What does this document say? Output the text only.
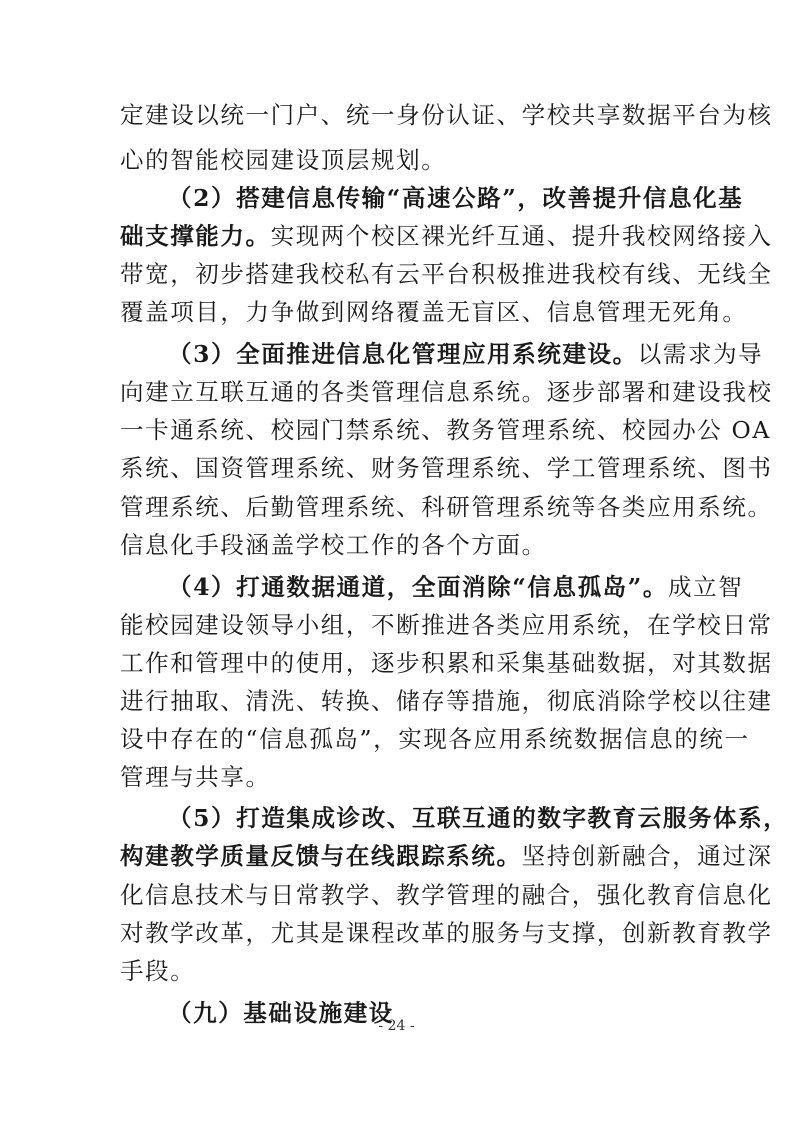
定建设以统一门户、统一身份认证、学校共享数据平台为核
心的智能校园建设顶层规划。
（2）搭建信息传输“高速公路”，改善提升信息化基
础支撑能力。实现两个校区裸光纤互通、提升我校网络接入
带宽，初步搭建我校私有云平台积极推进我校有线、无线全
覆盖项目，力争做到网络覆盖无盲区、信息管理无死角。
（3）全面推进信息化管理应用系统建设。以需求为导
向建立互联互通的各类管理信息系统。逐步部署和建设我校
一卡通系统、校园门禁系统、教务管理系统、校园办公 OA
系统、国资管理系统、财务管理系统、学工管理系统、图书
管理系统、后勤管理系统、科研管理系统等各类应用系统。
信息化手段涵盖学校工作的各个方面。
（4）打通数据通道，全面消除“信息孤岛”。成立智
能校园建设领导小组，不断推进各类应用系统，在学校日常
工作和管理中的使用，逐步积累和采集基础数据，对其数据
进行抽取、清洗、转换、储存等措施，彻底消除学校以往建
设中存在的“信息孤岛”，实现各应用系统数据信息的统一
管理与共享。
（5）打造集成诊改、互联互通的数字教育云服务体系，
构建教学质量反馈与在线跟踪系统。坚持创新融合，通过深
化信息技术与日常教学、教学管理的融合，强化教育信息化
对教学改革，尤其是课程改革的服务与支撑，创新教育教学
手段。
（九）基础设施建设
- 24 -
